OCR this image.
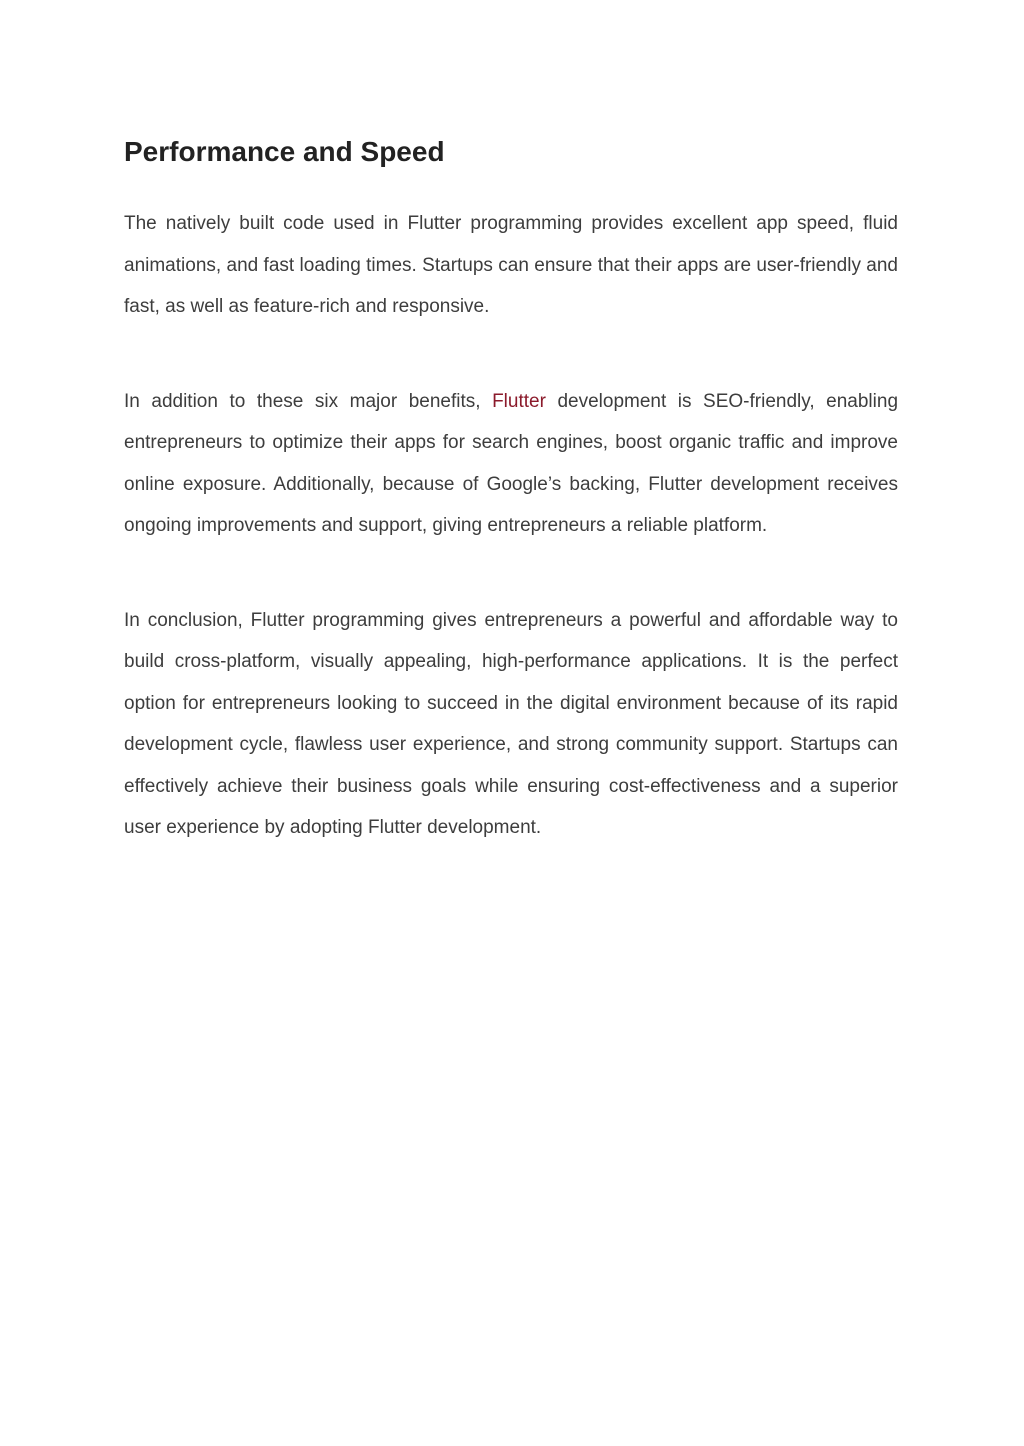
Performance and Speed

The natively built code used in Flutter programming provides excellent app speed, fluid animations, and fast loading times. Startups can ensure that their apps are user-friendly and fast, as well as feature-rich and responsive.

In addition to these six major benefits, Flutter development is SEO-friendly, enabling entrepreneurs to optimize their apps for search engines, boost organic traffic and improve online exposure. Additionally, because of Google’s backing, Flutter development receives ongoing improvements and support, giving entrepreneurs a reliable platform.

In conclusion, Flutter programming gives entrepreneurs a powerful and affordable way to build cross-platform, visually appealing, high-performance applications. It is the perfect option for entrepreneurs looking to succeed in the digital environment because of its rapid development cycle, flawless user experience, and strong community support. Startups can effectively achieve their business goals while ensuring cost-effectiveness and a superior user experience by adopting Flutter development.
